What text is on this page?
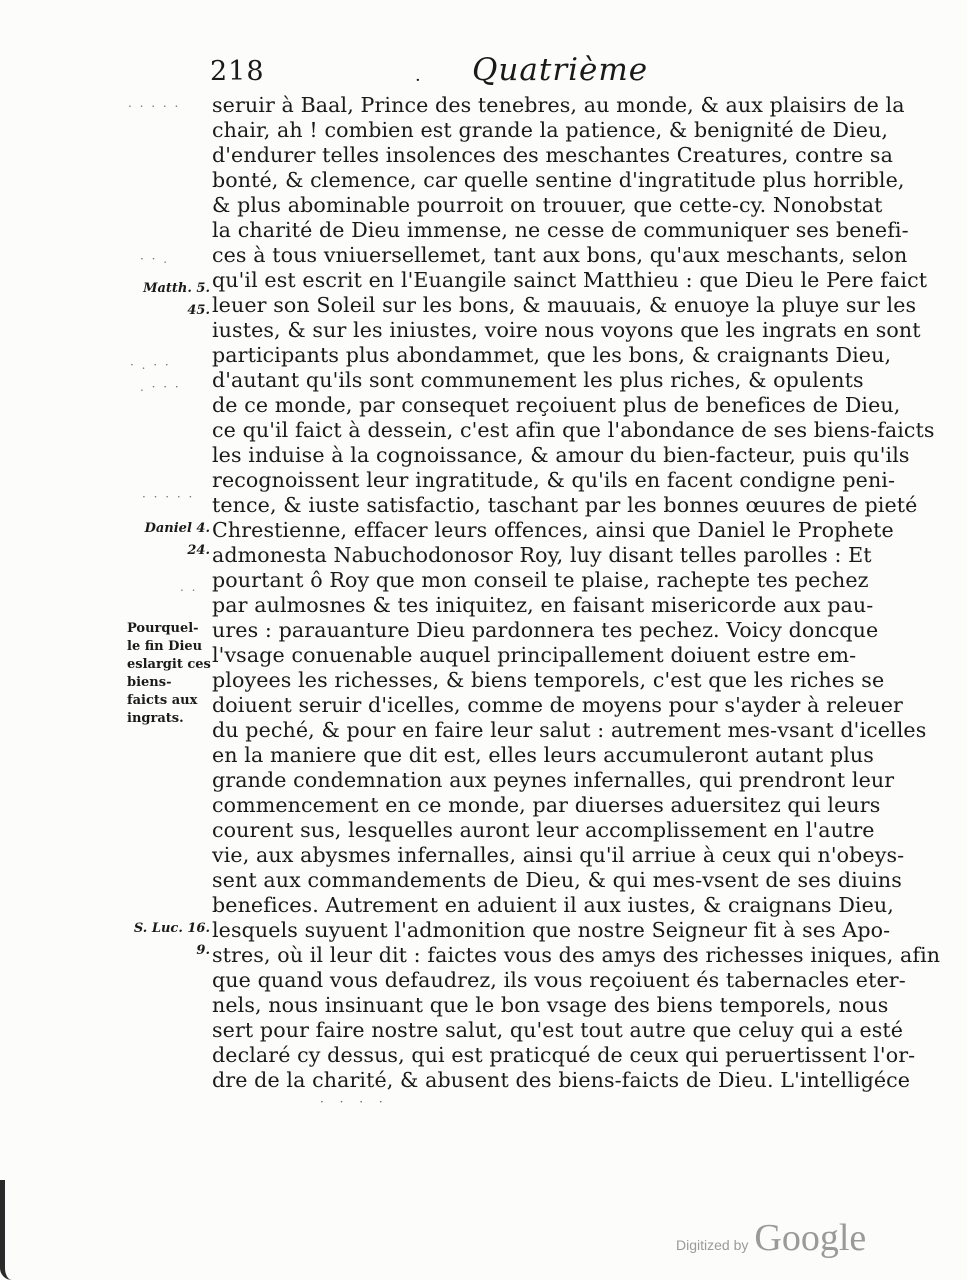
218	· Quatrième
seruir à Baal, Prince des tenebres, au monde, & aux plaisirs de la
chair, ah ! combien est grande la patience, & benignité de Dieu,
d'endurer telles insolences des meschantes Creatures, contre sa
bonté, & clemence, car quelle sentine d'ingratitude plus horrible,
& plus abominable pourroit on trouuer, que cette-cy. Nonobstat
la charité de Dieu immense, ne cesse de communiquer ses benefi-
ces à tous vniuersellemet, tant aux bons, qu'aux meschants, selon
qu'il est escrit en l'Euangile sainct Matthieu : que Dieu le Pere faict
leuer son Soleil sur les bons, & mauuais, & enuoye la pluye sur les
iustes, & sur les iniustes, voire nous voyons que les ingrats en sont
participants plus abondammet, que les bons, & craignants Dieu,
d'autant qu'ils sont communement les plus riches, & opulents
de ce monde, par consequet reçoiuent plus de benefices de Dieu,
ce qu'il faict à dessein, c'est afin que l'abondance de ses biens-faicts
les induise à la cognoissance, & amour du bien-facteur, puis qu'ils
recognoissent leur ingratitude, & qu'ils en facent condigne peni-
tence, & iuste satisfactio, taschant par les bonnes œuures de pieté
Chrestienne, effacer leurs offences, ainsi que Daniel le Prophete
admonesta Nabuchodonosor Roy, luy disant telles parolles : Et
pourtant ô Roy que mon conseil te plaise, rachepte tes pechez
par aulmosnes & tes iniquitez, en faisant misericorde aux pau-
ures : parauanture Dieu pardonnera tes pechez. Voicy doncque
l'vsage conuenable auquel principallement doiuent estre em-
ployees les richesses, & biens temporels, c'est que les riches se
doiuent seruir d'icelles, comme de moyens pour s'ayder à releuer
du peché, & pour en faire leur salut : autrement mes-vsant d'icelles
en la maniere que dit est, elles leurs accumuleront autant plus
grande condemnation aux peynes infernalles, qui prendront leur
commencement en ce monde, par diuerses aduersitez qui leurs
courent sus, lesquelles auront leur accomplissement en l'autre
vie, aux abysmes infernalles, ainsi qu'il arriue à ceux qui n'obeys-
sent aux commandements de Dieu, & qui mes-vsent de ses diuins
benefices. Autrement en aduient il aux iustes, & craignans Dieu,
lesquels suyuent l'admonition que nostre Seigneur fit à ses Apo-
stres, où il leur dit : faictes vous des amys des richesses iniques, afin
que quand vous defaudrez, ils vous reçoiuent és tabernacles eter-
nels, nous insinuant que le bon vsage des biens temporels, nous
sert pour faire nostre salut, qu'est tout autre que celuy qui a esté
declaré cy dessus, qui est praticqué de ceux qui peruertissent l'or-
dre de la charité, & abusent des biens-faicts de Dieu. L'intelligéce
. . . . .
· · .
· . · ·
. · · ·
· · · · ·
. .
Matth. 5.
45.
Daniel 4.
24.
Pourquel-
le fin Dieu
eslargit ces
biens-
faicts aux
ingrats.
S. Luc. 16.
9.
· · · ·
Digitized by Google
